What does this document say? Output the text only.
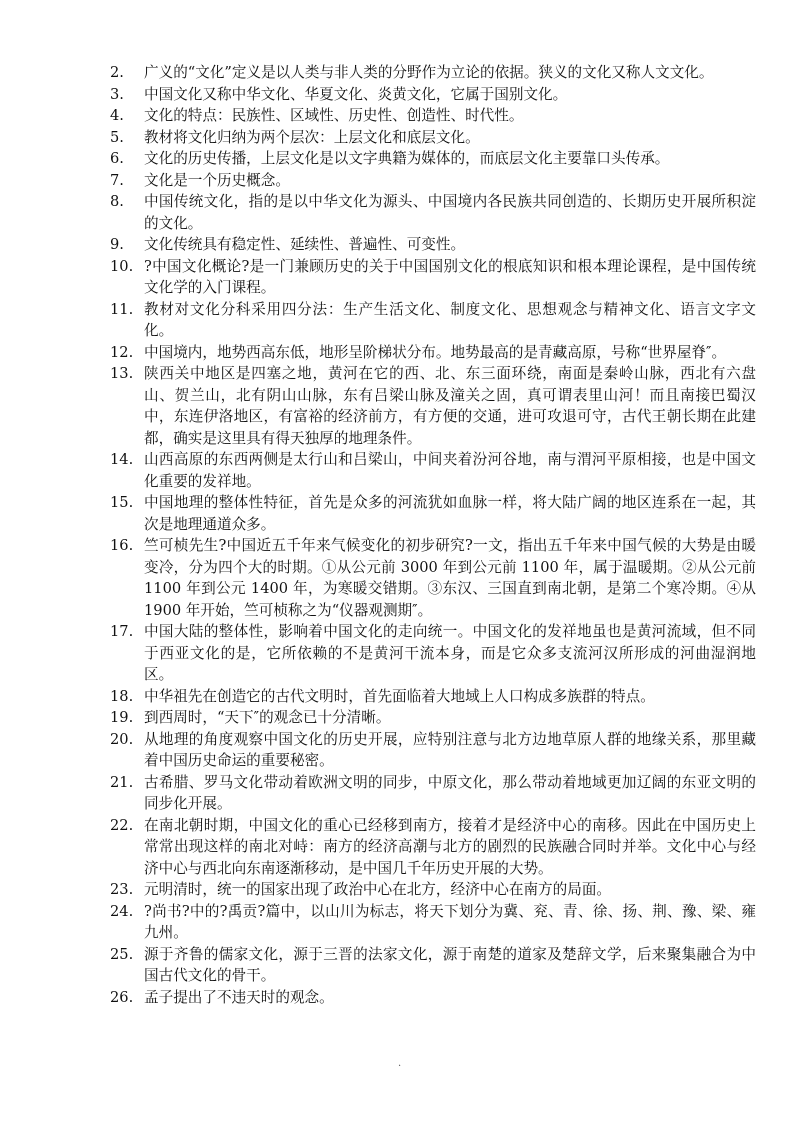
2.	广义的“文化”定义是以人类与非人类的分野作为立论的依据。狭义的文化又称人文文化。
3.	中国文化又称中华文化、华夏文化、炎黄文化，它属于国别文化。
4.	文化的特点：民族性、区域性、历史性、创造性、时代性。
5.	教材将文化归纳为两个层次：上层文化和底层文化。
6.	文化的历史传播，上层文化是以文字典籍为媒体的，而底层文化主要靠口头传承。
7.	文化是一个历史概念。
8.	中国传统文化，指的是以中华文化为源头、中国境内各民族共同创造的、长期历史开展所积淀的文化。
9.	文化传统具有稳定性、延续性、普遍性、可变性。
10. ?中国文化概论?是一门兼顾历史的关于中国国别文化的根底知识和根本理论课程，是中国传统文化学的入门课程。
11. 教材对文化分科采用四分法：生产生活文化、制度文化、思想观念与精神文化、语言文字文化。
12. 中国境内，地势西高东低，地形呈阶梯状分布。地势最高的是青藏高原，号称“世界屋脊″。
13. 陕西关中地区是四塞之地，黄河在它的西、北、东三面环绕，南面是秦岭山脉，西北有六盘山、贺兰山，北有阴山山脉，东有吕梁山脉及潼关之固，真可谓表里山河！而且南接巴蜀汉中，东连伊洛地区，有富裕的经济前方，有方便的交通，进可攻退可守，古代王朝长期在此建都，确实是这里具有得天独厚的地理条件。
14. 山西高原的东西两侧是太行山和吕梁山，中间夹着汾河谷地，南与渭河平原相接，也是中国文化重要的发祥地。
15. 中国地理的整体性特征，首先是众多的河流犹如血脉一样，将大陆广阔的地区连系在一起，其次是地理通道众多。
16. 竺可桢先生?中国近五千年来气候变化的初步研究?一文，指出五千年来中国气候的大势是由暖变冷，分为四个大的时期。①从公元前 3000 年到公元前 1100 年，属于温暖期。②从公元前 1100 年到公元 1400 年，为寒暖交错期。③东汉、三国直到南北朝，是第二个寒冷期。④从 1900 年开始，竺可桢称之为“仪器观测期″。
17. 中国大陆的整体性，影响着中国文化的走向统一。中国文化的发祥地虽也是黄河流域，但不同于西亚文化的是，它所依赖的不是黄河干流本身，而是它众多支流河汉所形成的河曲湿润地区。
18. 中华祖先在创造它的古代文明时，首先面临着大地域上人口构成多族群的特点。
19. 到西周时，“天下″的观念已十分清晰。
20. 从地理的角度观察中国文化的历史开展，应特别注意与北方边地草原人群的地缘关系，那里藏着中国历史命运的重要秘密。
21. 古希腊、罗马文化带动着欧洲文明的同步，中原文化，那么带动着地域更加辽阔的东亚文明的同步化开展。
22. 在南北朝时期，中国文化的重心已经移到南方，接着才是经济中心的南移。因此在中国历史上常常出现这样的南北对峙：南方的经济高潮与北方的剧烈的民族融合同时并举。文化中心与经济中心与西北向东南逐渐移动，是中国几千年历史开展的大势。
23. 元明清时，统一的国家出现了政治中心在北方，经济中心在南方的局面。
24. ?尚书?中的?禹贡?篇中，以山川为标志，将天下划分为冀、兖、青、徐、扬、荆、豫、梁、雍九州。
25. 源于齐鲁的儒家文化，源于三晋的法家文化，源于南楚的道家及楚辞文学，后来聚集融合为中国古代文化的骨干。
26. 孟子提出了不违天时的观念。
.
